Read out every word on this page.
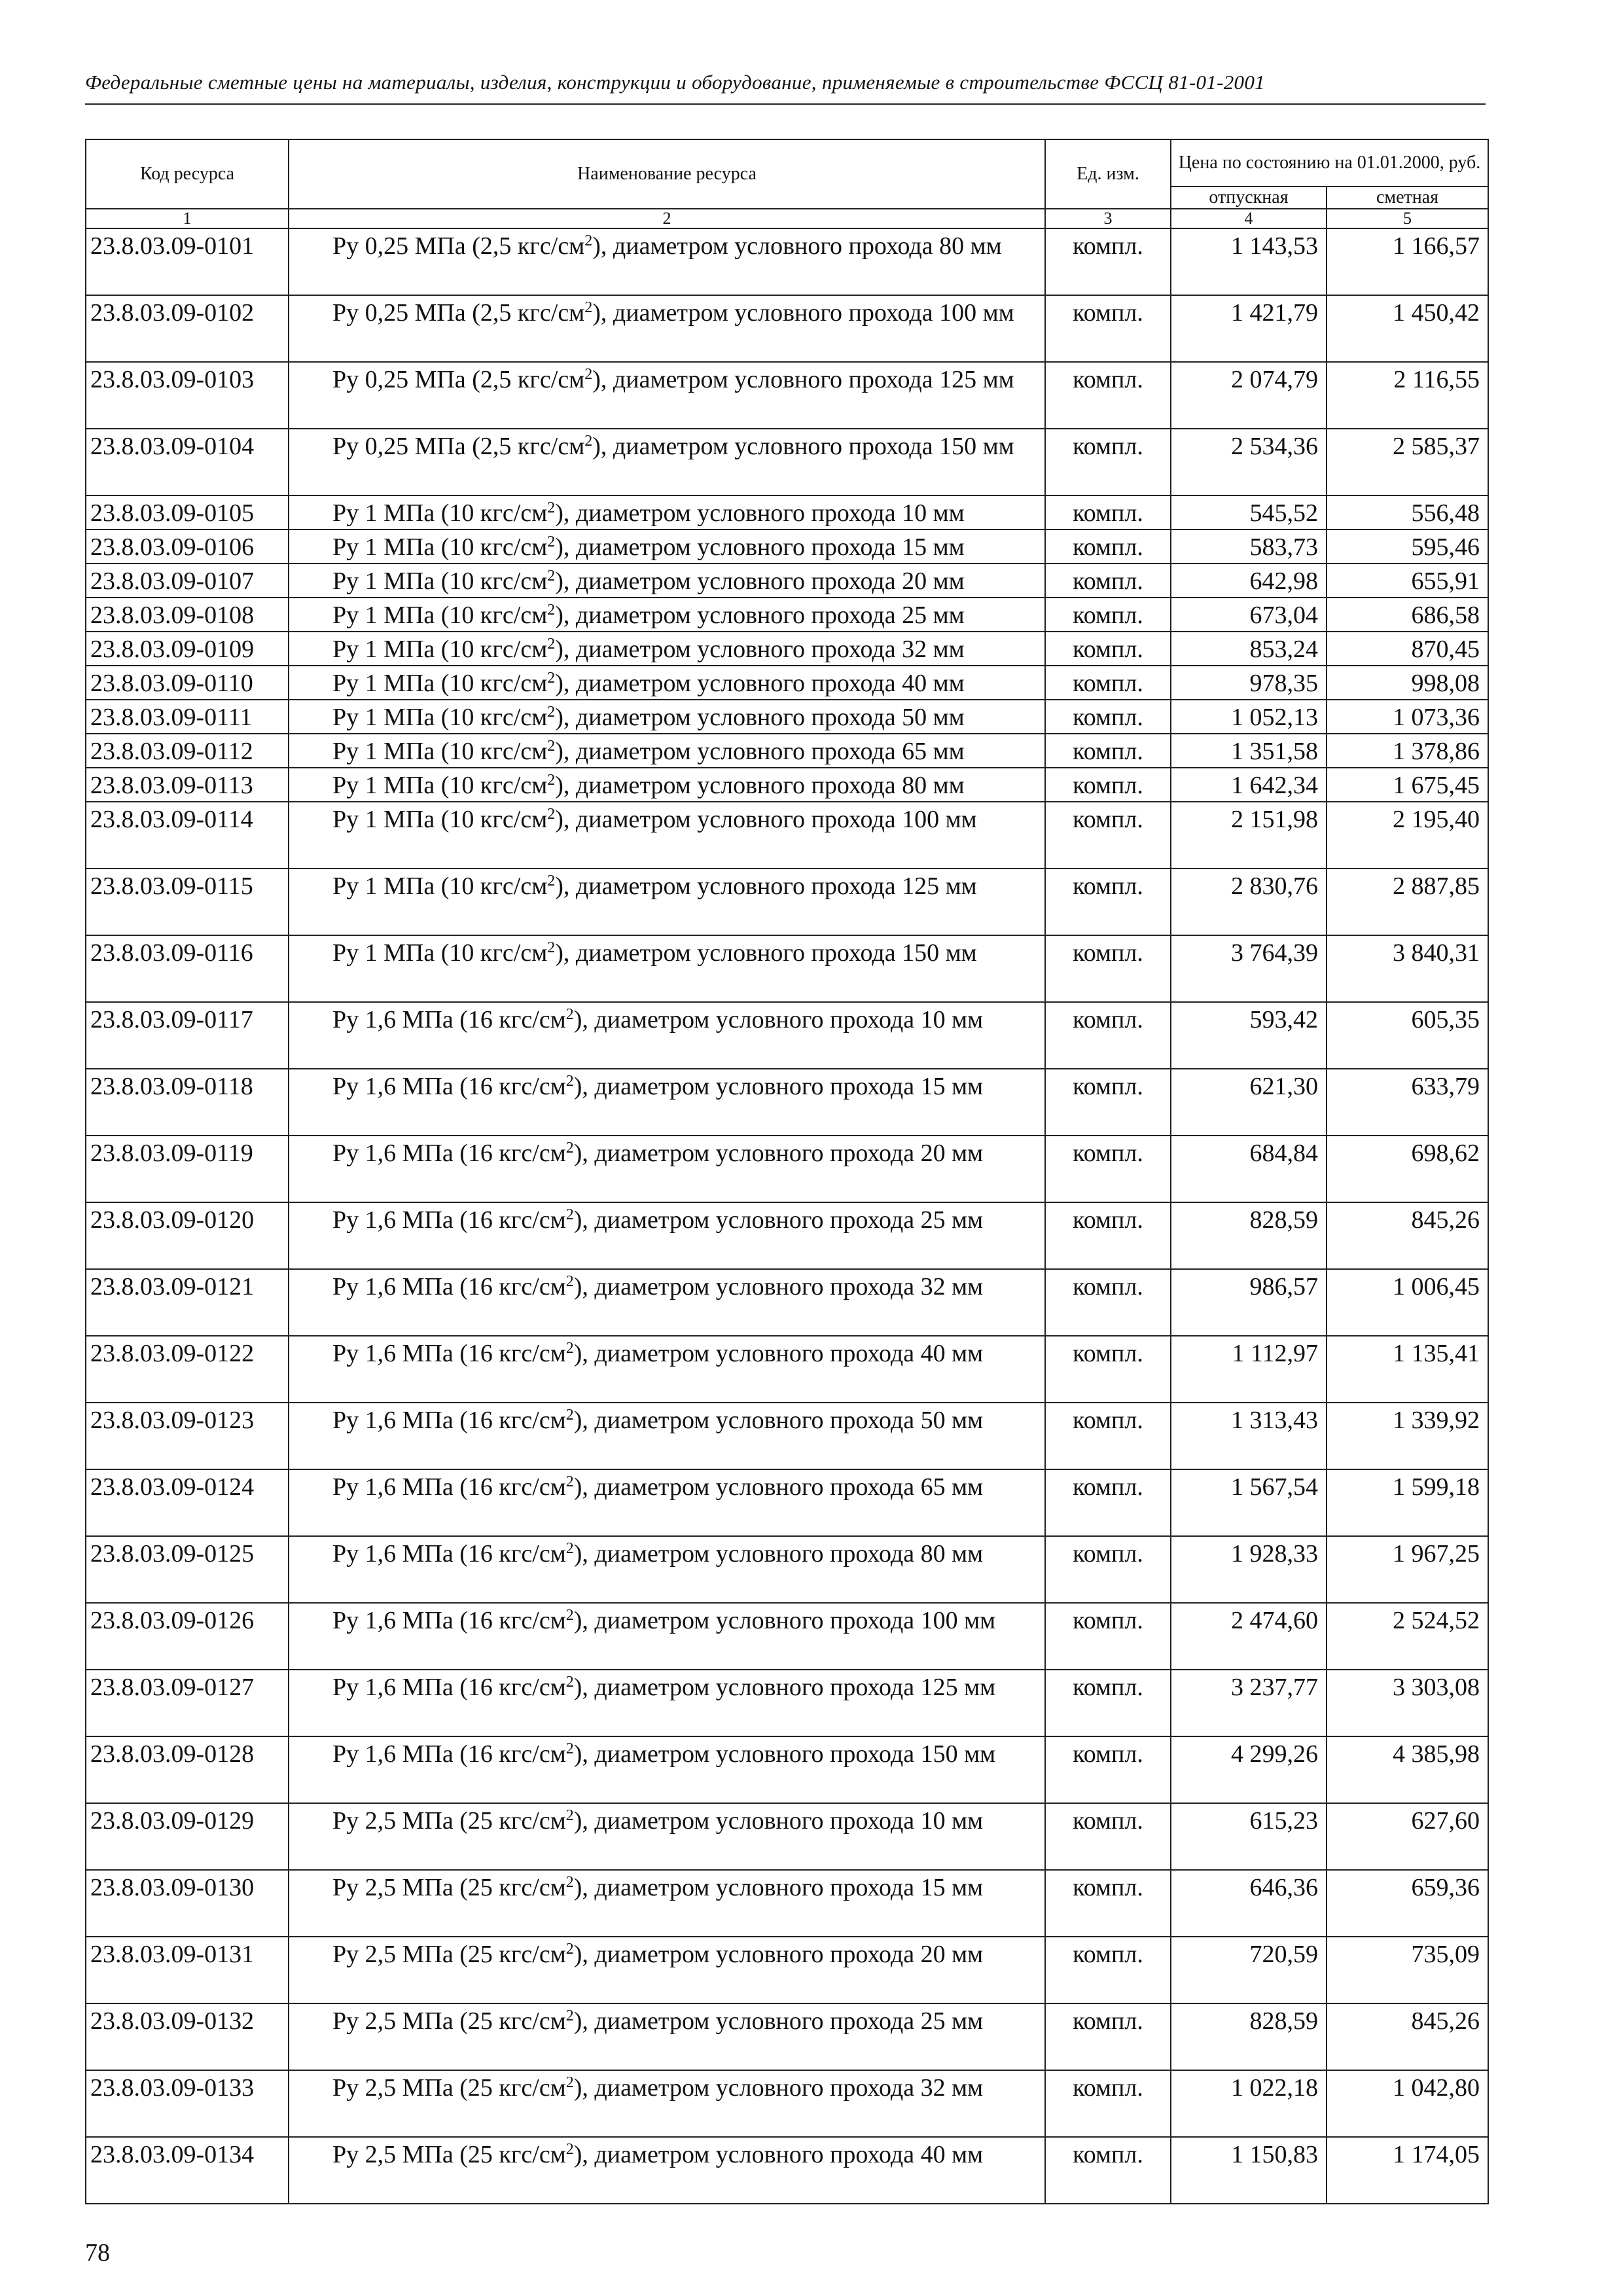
Федеральные сметные цены на материалы, изделия, конструкции и оборудование, применяемые в строительстве ФССЦ 81-01-2001
Код ресурса	Наименование ресурса	Ед. изм.	Цена по состоянию на 01.01.2000, руб.	
			отпускная	сметная
1	2	3	4	5
23.8.03.09-0101	Ру 0,25 МПа (2,5 кгс/$см^2$), диаметром условного прохода 80 мм	компл.	1 143,53	1 166,57
23.8.03.09-0102	Ру 0,25 МПа (2,5 кгс/$см^2$), диаметром условного прохода 100 мм	компл.	1 421,79	1 450,42
23.8.03.09-0103	Ру 0,25 МПа (2,5 кгс/$см^2$), диаметром условного прохода 125 мм	компл.	2 074,79	2 116,55
23.8.03.09-0104	Ру 0,25 МПа (2,5 кгс/$см^2$), диаметром условного прохода 150 мм	компл.	2 534,36	2 585,37
23.8.03.09-0105	Ру 1 МПа (10 кгс/$см^2$), диаметром условного прохода 10 мм	компл.	545,52	556,48
23.8.03.09-0106	Ру 1 МПа (10 кгс/$см^2$), диаметром условного прохода 15 мм	компл.	583,73	595,46
23.8.03.09-0107	Ру 1 МПа (10 кгс/$см^2$), диаметром условного прохода 20 мм	компл.	642,98	655,91
23.8.03.09-0108	Ру 1 МПа (10 кгс/$см^2$), диаметром условного прохода 25 мм	компл.	673,04	686,58
23.8.03.09-0109	Ру 1 МПа (10 кгс/$см^2$), диаметром условного прохода 32 мм	компл.	853,24	870,45
23.8.03.09-0110	Ру 1 МПа (10 кгс/$см^2$), диаметром условного прохода 40 мм	компл.	978,35	998,08
23.8.03.09-0111	Ру 1 МПа (10 кгс/$см^2$), диаметром условного прохода 50 мм	компл.	1 052,13	1 073,36
23.8.03.09-0112	Ру 1 МПа (10 кгс/$см^2$), диаметром условного прохода 65 мм	компл.	1 351,58	1 378,86
23.8.03.09-0113	Ру 1 МПа (10 кгс/$см^2$), диаметром условного прохода 80 мм	компл.	1 642,34	1 675,45
23.8.03.09-0114	Ру 1 МПа (10 кгс/$см^2$), диаметром условного прохода 100 мм	компл.	2 151,98	2 195,40
23.8.03.09-0115	Ру 1 МПа (10 кгс/$см^2$), диаметром условного прохода 125 мм	компл.	2 830,76	2 887,85
23.8.03.09-0116	Ру 1 МПа (10 кгс/$см^2$), диаметром условного прохода 150 мм	компл.	3 764,39	3 840,31
23.8.03.09-0117	Ру 1,6 МПа (16 кгс/$см^2$), диаметром условного прохода 10 мм	компл.	593,42	605,35
23.8.03.09-0118	Ру 1,6 МПа (16 кгс/$см^2$), диаметром условного прохода 15 мм	компл.	621,30	633,79
23.8.03.09-0119	Ру 1,6 МПа (16 кгс/$см^2$), диаметром условного прохода 20 мм	компл.	684,84	698,62
23.8.03.09-0120	Ру 1,6 МПа (16 кгс/$см^2$), диаметром условного прохода 25 мм	компл.	828,59	845,26
23.8.03.09-0121	Ру 1,6 МПа (16 кгс/$см^2$), диаметром условного прохода 32 мм	компл.	986,57	1 006,45
23.8.03.09-0122	Ру 1,6 МПа (16 кгс/$см^2$), диаметром условного прохода 40 мм	компл.	1 112,97	1 135,41
23.8.03.09-0123	Ру 1,6 МПа (16 кгс/$см^2$), диаметром условного прохода 50 мм	компл.	1 313,43	1 339,92
23.8.03.09-0124	Ру 1,6 МПа (16 кгс/$см^2$), диаметром условного прохода 65 мм	компл.	1 567,54	1 599,18
23.8.03.09-0125	Ру 1,6 МПа (16 кгс/$см^2$), диаметром условного прохода 80 мм	компл.	1 928,33	1 967,25
23.8.03.09-0126	Ру 1,6 МПа (16 кгс/$см^2$), диаметром условного прохода 100 мм	компл.	2 474,60	2 524,52
23.8.03.09-0127	Ру 1,6 МПа (16 кгс/$см^2$), диаметром условного прохода 125 мм	компл.	3 237,77	3 303,08
23.8.03.09-0128	Ру 1,6 МПа (16 кгс/$см^2$), диаметром условного прохода 150 мм	компл.	4 299,26	4 385,98
23.8.03.09-0129	Ру 2,5 МПа (25 кгс/$см^2$), диаметром условного прохода 10 мм	компл.	615,23	627,60
23.8.03.09-0130	Ру 2,5 МПа (25 кгс/$см^2$), диаметром условного прохода 15 мм	компл.	646,36	659,36
23.8.03.09-0131	Ру 2,5 МПа (25 кгс/$см^2$), диаметром условного прохода 20 мм	компл.	720,59	735,09
23.8.03.09-0132	Ру 2,5 МПа (25 кгс/$см^2$), диаметром условного прохода 25 мм	компл.	828,59	845,26
23.8.03.09-0133	Ру 2,5 МПа (25 кгс/$см^2$), диаметром условного прохода 32 мм	компл.	1 022,18	1 042,80
23.8.03.09-0134	Ру 2,5 МПа (25 кгс/$см^2$), диаметром условного прохода 40 мм	компл.	1 150,83	1 174,05
78
